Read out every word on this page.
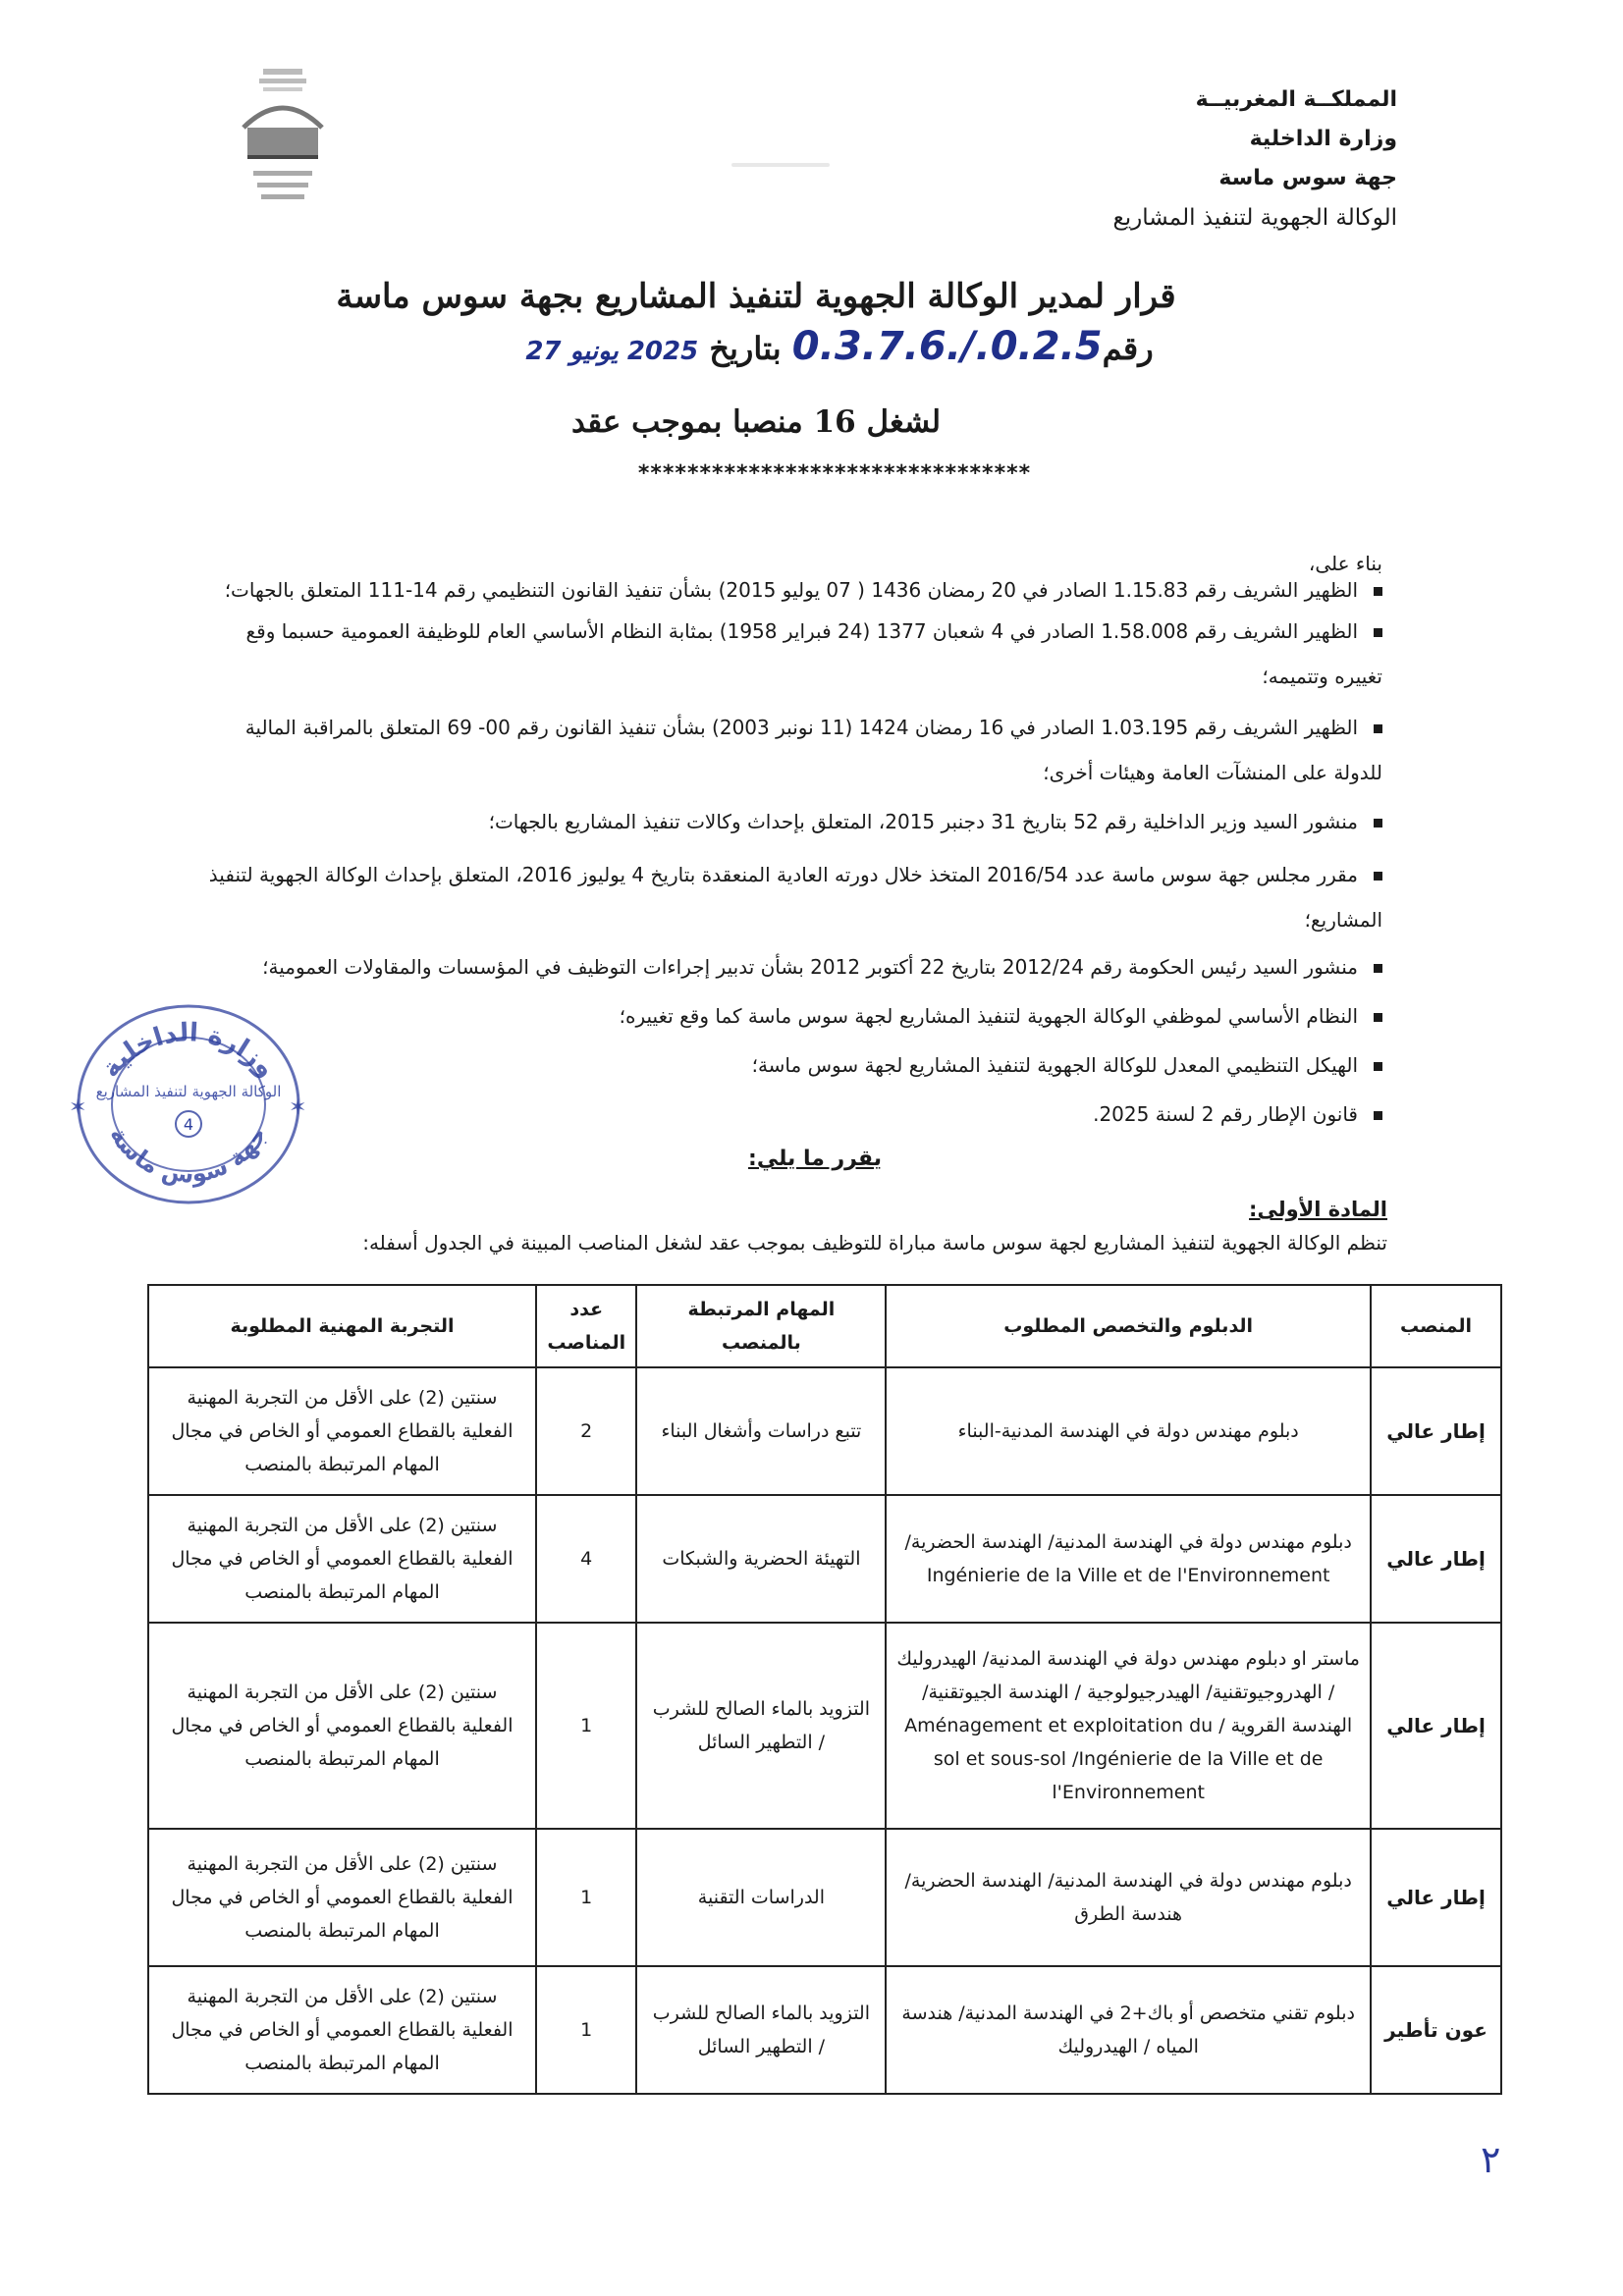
المملكــة المغربيــة
وزارة الداخلية
جهة سوس ماسة
الوكالة الجهوية لتنفيذ المشاريع
قرار لمدير الوكالة الجهوية لتنفيذ المشاريع بجهة سوس ماسة
رقم0.3.7.6./.0.2.5 بتاريخ 2025 يونيو 27
لشغل 16 منصبا بموجب عقد
********************************
بناء على،
الظهير الشريف رقم 1.15.83 الصادر في 20 رمضان 1436 ( 07 يوليو 2015) بشأن تنفيذ القانون التنظيمي رقم 14-111 المتعلق بالجهات؛
الظهير الشريف رقم 1.58.008 الصادر في 4 شعبان 1377 (24 فبراير 1958) بمثابة النظام الأساسي العام للوظيفة العمومية حسبما وقع تغييره وتتميمه؛
الظهير الشريف رقم 1.03.195 الصادر في 16 رمضان 1424 (11 نونبر 2003) بشأن تنفيذ القانون رقم 00- 69 المتعلق بالمراقبة المالية للدولة على المنشآت العامة وهيئات أخرى؛
منشور السيد وزير الداخلية رقم 52 بتاريخ 31 دجنبر 2015، المتعلق بإحداث وكالات تنفيذ المشاريع بالجهات؛
مقرر مجلس جهة سوس ماسة عدد 2016/54 المتخذ خلال دورته العادية المنعقدة بتاريخ 4 يوليوز 2016، المتعلق بإحداث الوكالة الجهوية لتنفيذ المشاريع؛
منشور السيد رئيس الحكومة رقم 2012/24 بتاريخ 22 أكتوبر 2012 بشأن تدبير إجراءات التوظيف في المؤسسات والمقاولات العمومية؛
النظام الأساسي لموظفي الوكالة الجهوية لتنفيذ المشاريع لجهة سوس ماسة كما وقع تغييره؛
الهيكل التنظيمي المعدل للوكالة الجهوية لتنفيذ المشاريع لجهة سوس ماسة؛
قانون الإطار رقم 2 لسنة 2025.
يقرر ما يلي:
المادة الأولى:
تنظم الوكالة الجهوية لتنفيذ المشاريع لجهة سوس ماسة مباراة للتوظيف بموجب عقد لشغل المناصب المبينة في الجدول أسفله:
وزارة الداخلية
الوكالة الجهوية لتنفيذ المشاريع
4
جهة سوس ماسة
✶	✶
المنصب	الدبلوم والتخصص المطلوب	المهام المرتبطة بالمنصب	عدد المناصب	التجربة المهنية المطلوبة
إطار عالي	دبلوم مهندس دولة في الهندسة المدنية-البناء	تتبع دراسات وأشغال البناء	2	سنتين (2) على الأقل من التجربة المهنية الفعلية بالقطاع العمومي أو الخاص في مجال المهام المرتبطة بالمنصب
إطار عالي	دبلوم مهندس دولة في الهندسة المدنية/ الهندسة الحضرية/ Ingénierie de la Ville et de l'Environnement	التهيئة الحضرية والشبكات	4	سنتين (2) على الأقل من التجربة المهنية الفعلية بالقطاع العمومي أو الخاص في مجال المهام المرتبطة بالمنصب
إطار عالي	ماستر او دبلوم مهندس دولة في الهندسة المدنية/ الهيدروليك / الهدروجيوتقنية/ الهيدرجيولوجية / الهندسة الجيوتقنية/ الهندسة القروية / Aménagement et exploitation du sol et sous-sol /Ingénierie de la Ville et de l'Environnement	التزويد بالماء الصالح للشرب / التطهير السائل	1	سنتين (2) على الأقل من التجربة المهنية الفعلية بالقطاع العمومي أو الخاص في مجال المهام المرتبطة بالمنصب
إطار عالي	دبلوم مهندس دولة في الهندسة المدنية/ الهندسة الحضرية/ هندسة الطرق	الدراسات التقنية	1	سنتين (2) على الأقل من التجربة المهنية الفعلية بالقطاع العمومي أو الخاص في مجال المهام المرتبطة بالمنصب
عون تأطير	دبلوم تقني متخصص أو باك+2 في الهندسة المدنية/ هندسة المياه / الهيدروليك	التزويد بالماء الصالح للشرب / التطهير السائل	1	سنتين (2) على الأقل من التجربة المهنية الفعلية بالقطاع العمومي أو الخاص في مجال المهام المرتبطة بالمنصب
٢
